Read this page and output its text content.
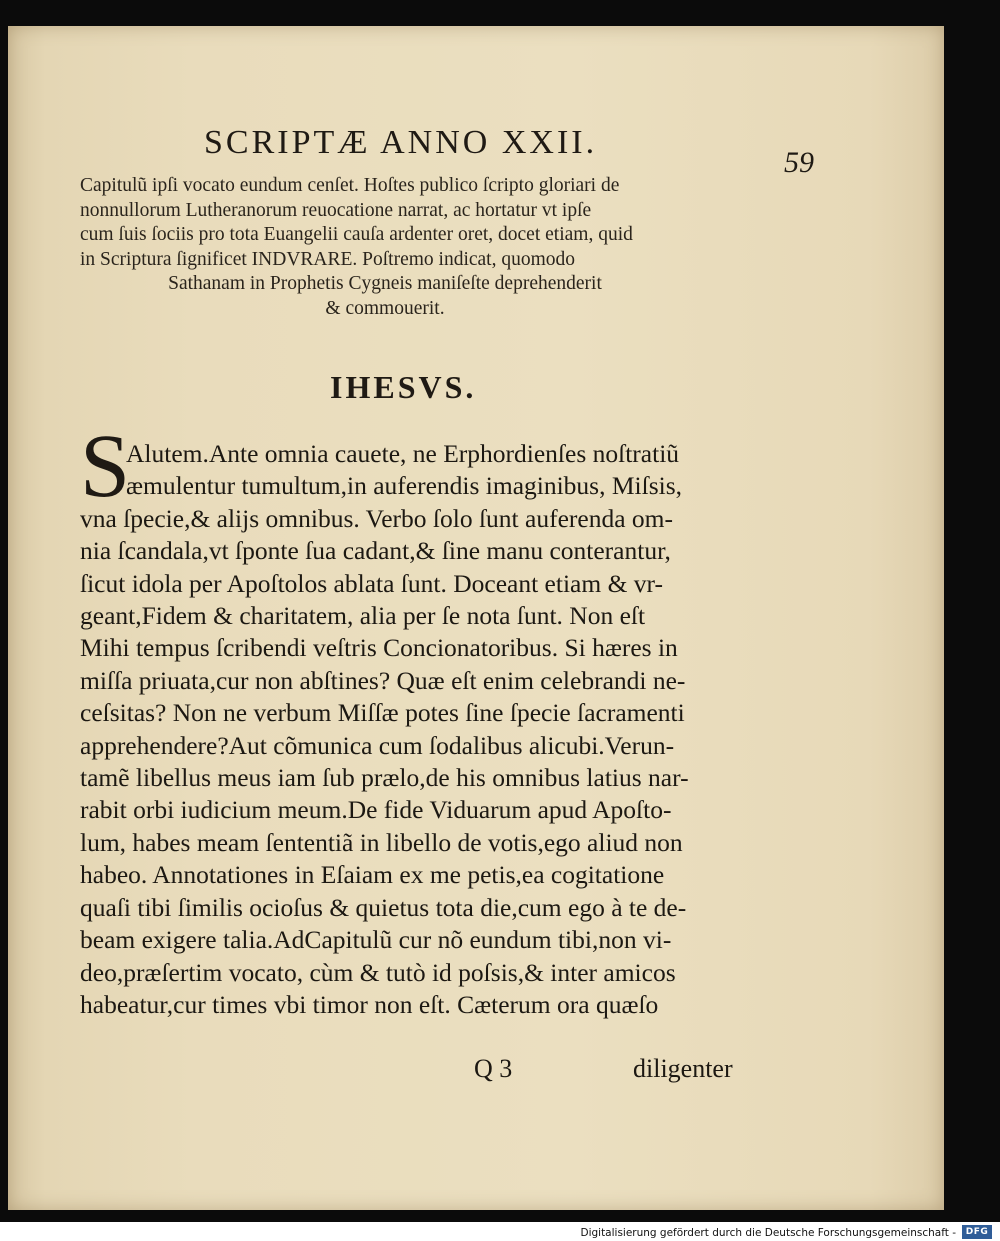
SCRIPTÆ ANNO XXII.
59
Capitulũ ipſi vocato eundum cenſet. Hoſtes publico ſcripto gloriari de
nonnullorum Lutheranorum reuocatione narrat, ac hortatur vt ipſe
cum ſuis ſociis pro tota Euangelii cauſa ardenter oret, docet etiam, quid
in Scriptura ſignificet INDVRARE. Poſtremo indicat, quomodo
Sathanam in Prophetis Cygneis maniſeſte deprehenderit
& commouerit.
IHESVS.
S
Alutem.Ante omnia cauete, ne Erphordienſes noſtratiũ
æmulentur tumultum,in auferendis imaginibus, Miſsis,
vna ſpecie,& alijs omnibus. Verbo ſolo ſunt auferenda om-
nia ſcandala,vt ſponte ſua cadant,& ſine manu conterantur,
ſicut idola per Apoſtolos ablata ſunt. Doceant etiam & vr-
geant,Fidem & charitatem, alia per ſe nota ſunt. Non eſt
Mihi tempus ſcribendi veſtris Concionatoribus. Si hæres in
miſſa priuata,cur non abſtines? Quæ eſt enim celebrandi ne-
ceſsitas? Non ne verbum Miſſæ potes ſine ſpecie ſacramenti
apprehendere?Aut cõmunica cum ſodalibus alicubi.Verun-
tamẽ libellus meus iam ſub prælo,de his omnibus latius nar-
rabit orbi iudicium meum.De fide Viduarum apud Apoſto-
lum, habes meam ſententiã in libello de votis,ego aliud non
habeo. Annotationes in Eſaiam ex me petis,ea cogitatione
quaſi tibi ſimilis ocioſus & quietus tota die,cum ego à te de-
beam exigere talia.AdCapitulũ cur nõ eundum tibi,non vi-
deo,præſertim vocato, cùm & tutò id poſsis,& inter amicos
habeatur,cur times vbi timor non eſt. Cæterum ora quæſo
Q 3	diligenter
Digitalisierung gefördert durch die Deutsche Forschungsgemeinschaft -	DFG
